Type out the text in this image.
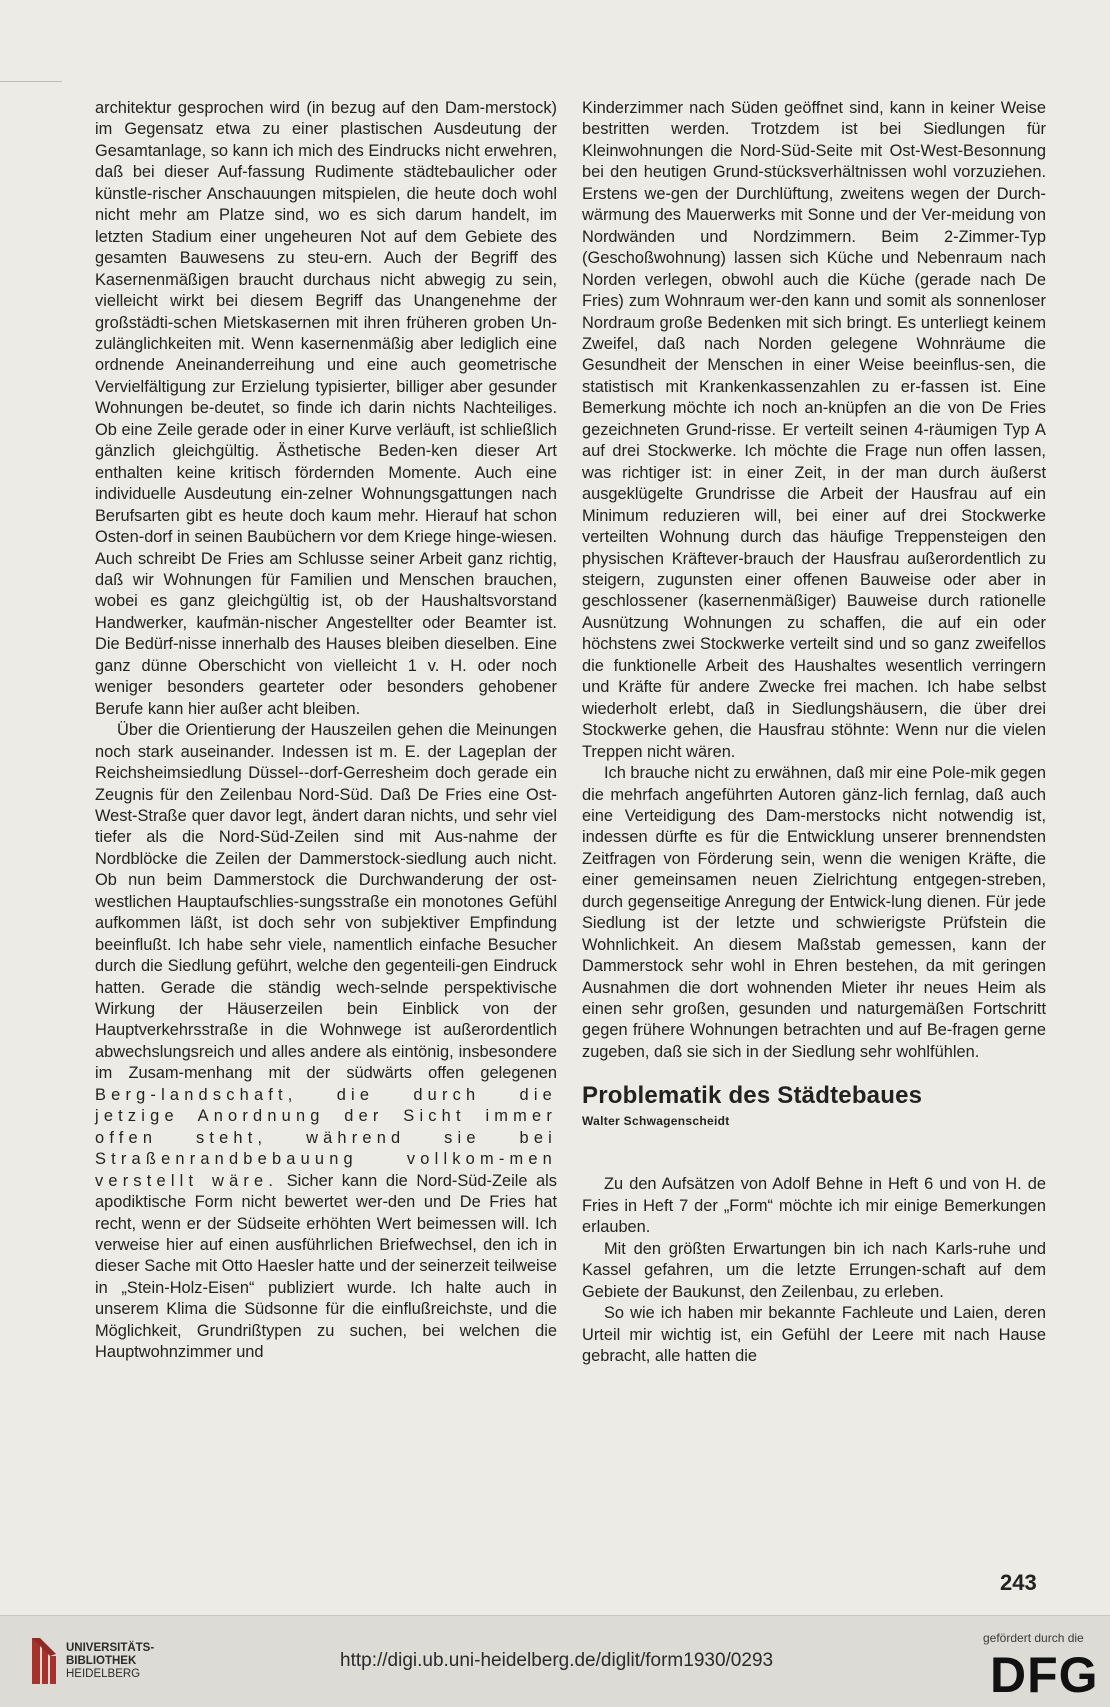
architektur gesprochen wird (in bezug auf den Dam-merstock) im Gegensatz etwa zu einer plastischen Ausdeutung der Gesamtanlage, so kann ich mich des Eindrucks nicht erwehren, daß bei dieser Auf-fassung Rudimente städtebaulicher oder künstle-rischer Anschauungen mitspielen, die heute doch wohl nicht mehr am Platze sind, wo es sich darum handelt, im letzten Stadium einer ungeheuren Not auf dem Gebiete des gesamten Bauwesens zu steu-ern. Auch der Begriff des Kasernenmäßigen braucht durchaus nicht abwegig zu sein, vielleicht wirkt bei diesem Begriff das Unangenehme der großstädti-schen Mietskasernen mit ihren früheren groben Un-zulänglichkeiten mit. Wenn kasernenmäßig aber lediglich eine ordnende Aneinanderreihung und eine auch geometrische Vervielfältigung zur Erzielung typisierter, billiger aber gesunder Wohnungen be-deutet, so finde ich darin nichts Nachteiliges. Ob eine Zeile gerade oder in einer Kurve verläuft, ist schließlich gänzlich gleichgültig. Ästhetische Beden-ken dieser Art enthalten keine kritisch fördernden Momente. Auch eine individuelle Ausdeutung ein-zelner Wohnungsgattungen nach Berufsarten gibt es heute doch kaum mehr. Hierauf hat schon Osten-dorf in seinen Baubüchern vor dem Kriege hinge-wiesen. Auch schreibt De Fries am Schlusse seiner Arbeit ganz richtig, daß wir Wohnungen für Familien und Menschen brauchen, wobei es ganz gleichgültig ist, ob der Haushaltsvorstand Handwerker, kaufmän-nischer Angestellter oder Beamter ist. Die Bedürf-nisse innerhalb des Hauses bleiben dieselben. Eine ganz dünne Oberschicht von vielleicht 1 v. H. oder noch weniger besonders gearteter oder besonders gehobener Berufe kann hier außer acht bleiben.

Über die Orientierung der Hauszeilen gehen die Meinungen noch stark auseinander. Indessen ist m. E. der Lageplan der Reichsheimsiedlung Düssel--dorf-Gerresheim doch gerade ein Zeugnis für den Zeilenbau Nord-Süd. Daß De Fries eine Ost-West-Straße quer davor legt, ändert daran nichts, und sehr viel tiefer als die Nord-Süd-Zeilen sind mit Aus-nahme der Nordblöcke die Zeilen der Dammerstock-siedlung auch nicht. Ob nun beim Dammerstock die Durchwanderung der ost-westlichen Hauptaufschlies-sungsstraße ein monotones Gefühl aufkommen läßt, ist doch sehr von subjektiver Empfindung beeinflußt. Ich habe sehr viele, namentlich einfache Besucher durch die Siedlung geführt, welche den gegenteili-gen Eindruck hatten. Gerade die ständig wech-selnde perspektivische Wirkung der Häuserzeilen bein Einblick von der Hauptverkehrsstraße in die Wohnwege ist außerordentlich abwechslungsreich und alles andere als eintönig, insbesondere im Zusam-menhang mit der südwärts offen gelegenen Berg-landschaft, die durch die jetzige Anordnung der Sicht immer offen steht, während sie bei Straßenrandbebauung vollkom-men verstellt wäre. Sicher kann die Nord-Süd-Zeile als apodiktische Form nicht bewertet wer-den und De Fries hat recht, wenn er der Südseite erhöhten Wert beimessen will. Ich verweise hier auf einen ausführlichen Briefwechsel, den ich in dieser Sache mit Otto Haesler hatte und der seinerzeit teilweise in „Stein-Holz-Eisen“ publiziert wurde. Ich halte auch in unserem Klima die Südsonne für die einflußreichste, und die Möglichkeit, Grundrißtypen zu suchen, bei welchen die Hauptwohnzimmer und

Kinderzimmer nach Süden geöffnet sind, kann in keiner Weise bestritten werden. Trotzdem ist bei Siedlungen für Kleinwohnungen die Nord-Süd-Seite mit Ost-West-Besonnung bei den heutigen Grund-stücksverhältnissen wohl vorzuziehen. Erstens we-gen der Durchlüftung, zweitens wegen der Durch-wärmung des Mauerwerks mit Sonne und der Ver-meidung von Nordwänden und Nordzimmern. Beim 2-Zimmer-Typ (Geschoßwohnung) lassen sich Küche und Nebenraum nach Norden verlegen, obwohl auch die Küche (gerade nach De Fries) zum Wohnraum wer-den kann und somit als sonnenloser Nordraum große Bedenken mit sich bringt. Es unterliegt keinem Zweifel, daß nach Norden gelegene Wohnräume die Gesundheit der Menschen in einer Weise beeinflus-sen, die statistisch mit Krankenkassenzahlen zu er-fassen ist. Eine Bemerkung möchte ich noch an-knüpfen an die von De Fries gezeichneten Grund-risse. Er verteilt seinen 4-räumigen Typ A auf drei Stockwerke. Ich möchte die Frage nun offen lassen, was richtiger ist: in einer Zeit, in der man durch äußerst ausgeklügelte Grundrisse die Arbeit der Hausfrau auf ein Minimum reduzieren will, bei einer auf drei Stockwerke verteilten Wohnung durch das häufige Treppensteigen den physischen Kräftever-brauch der Hausfrau außerordentlich zu steigern, zugunsten einer offenen Bauweise oder aber in geschlossener (kasernenmäßiger) Bauweise durch rationelle Ausnützung Wohnungen zu schaffen, die auf ein oder höchstens zwei Stockwerke verteilt sind und so ganz zweifellos die funktionelle Arbeit des Haushaltes wesentlich verringern und Kräfte für andere Zwecke frei machen. Ich habe selbst wiederholt erlebt, daß in Siedlungshäusern, die über drei Stockwerke gehen, die Hausfrau stöhnte: Wenn nur die vielen Treppen nicht wären.

Ich brauche nicht zu erwähnen, daß mir eine Pole-mik gegen die mehrfach angeführten Autoren gänz-lich fernlag, daß auch eine Verteidigung des Dam-merstocks nicht notwendig ist, indessen dürfte es für die Entwicklung unserer brennendsten Zeitfragen von Förderung sein, wenn die wenigen Kräfte, die einer gemeinsamen neuen Zielrichtung entgegen-streben, durch gegenseitige Anregung der Entwick-lung dienen. Für jede Siedlung ist der letzte und schwierigste Prüfstein die Wohnlichkeit. An diesem Maßstab gemessen, kann der Dammerstock sehr wohl in Ehren bestehen, da mit geringen Ausnahmen die dort wohnenden Mieter ihr neues Heim als einen sehr großen, gesunden und naturgemäßen Fortschritt gegen frühere Wohnungen betrachten und auf Be-fragen gerne zugeben, daß sie sich in der Siedlung sehr wohlfühlen.

Problematik des Städtebaues
Walter Schwagenscheidt

Zu den Aufsätzen von Adolf Behne in Heft 6 und von H. de Fries in Heft 7 der „Form“ möchte ich mir einige Bemerkungen erlauben.

Mit den größten Erwartungen bin ich nach Karls-ruhe und Kassel gefahren, um die letzte Errungen-schaft auf dem Gebiete der Baukunst, den Zeilenbau, zu erleben.

So wie ich haben mir bekannte Fachleute und Laien, deren Urteil mir wichtig ist, ein Gefühl der Leere mit nach Hause gebracht, alle hatten die

243
UNIVERSITÄTS-
BIBLIOTHEK
HEIDELBERG
http://digi.ub.uni-heidelberg.de/diglit/form1930/0293
gefördert durch die
DFG
